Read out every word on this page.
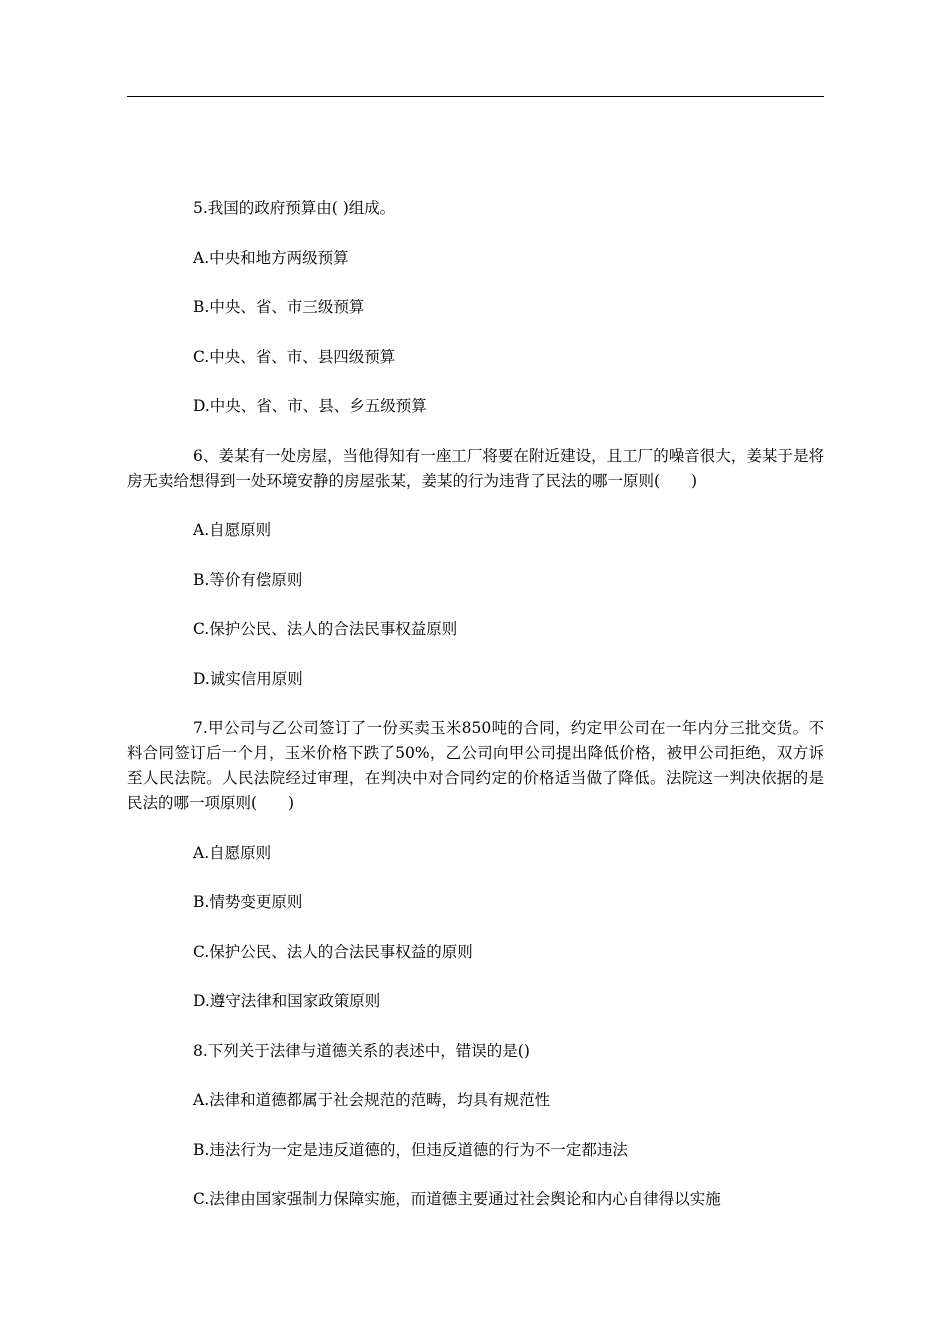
5.我国的政府预算由( )组成。

A.中央和地方两级预算

B.中央、省、市三级预算

C.中央、省、市、县四级预算

D.中央、省、市、县、乡五级预算

6、姜某有一处房屋，当他得知有一座工厂将要在附近建设，且工厂的噪音很大，姜某于是将房无卖给想得到一处环境安静的房屋张某，姜某的行为违背了民法的哪一原则(　　)

A.自愿原则

B.等价有偿原则

C.保护公民、法人的合法民事权益原则

D.诚实信用原则

7.甲公司与乙公司签订了一份买卖玉米850吨的合同，约定甲公司在一年内分三批交货。不料合同签订后一个月，玉米价格下跌了50%，乙公司向甲公司提出降低价格，被甲公司拒绝，双方诉至人民法院。人民法院经过审理，在判决中对合同约定的价格适当做了降低。法院这一判决依据的是民法的哪一项原则(　　)

A.自愿原则

B.情势变更原则

C.保护公民、法人的合法民事权益的原则

D.遵守法律和国家政策原则

8.下列关于法律与道德关系的表述中，错误的是()

A.法律和道德都属于社会规范的范畴，均具有规范性

B.违法行为一定是违反道德的，但违反道德的行为不一定都违法

C.法律由国家强制力保障实施，而道德主要通过社会舆论和内心自律得以实施
